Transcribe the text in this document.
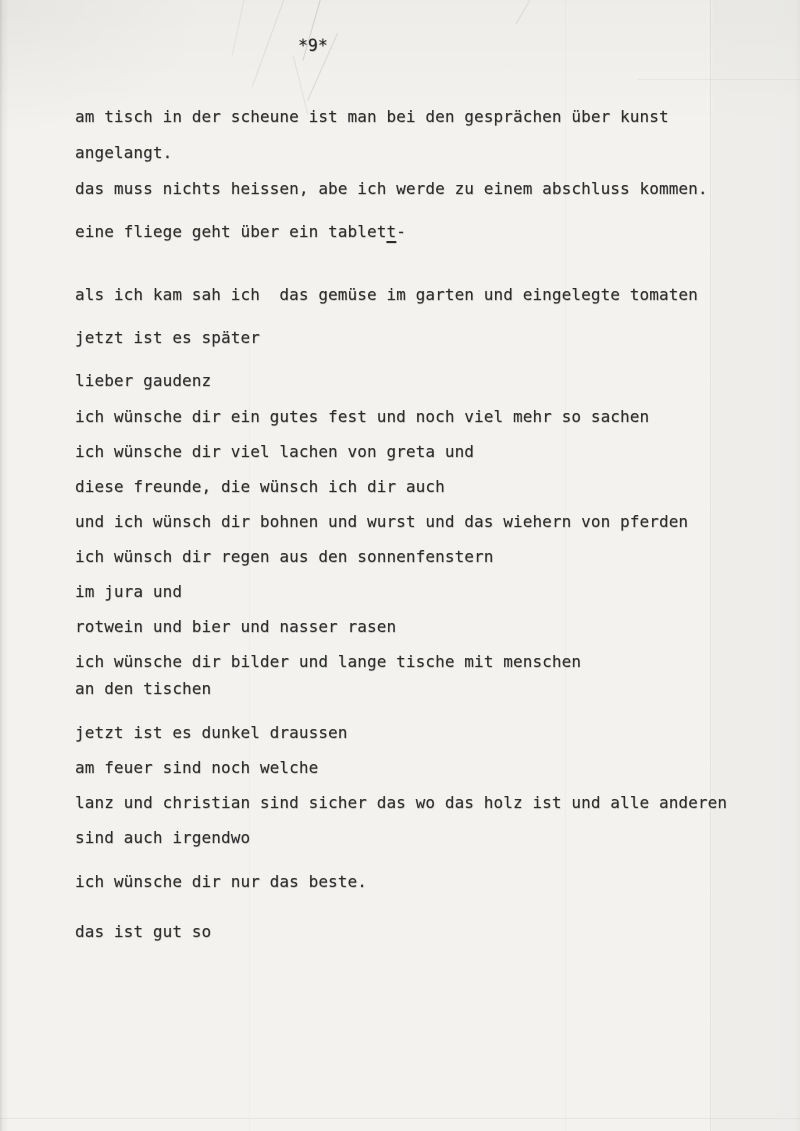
*9*
am tisch in der scheune ist man bei den gesprächen über kunst
angelangt.
das muss nichts heissen, abe ich werde zu einem abschluss kommen.
eine fliege geht über ein tablett-
als ich kam sah ich  das gemüse im garten und eingelegte tomaten
jetzt ist es später
lieber gaudenz
ich wünsche dir ein gutes fest und noch viel mehr so sachen
ich wünsche dir viel lachen von greta und
diese freunde, die wünsch ich dir auch
und ich wünsch dir bohnen und wurst und das wiehern von pferden
ich wünsch dir regen aus den sonnenfenstern
im jura und
rotwein und bier und nasser rasen
ich wünsche dir bilder und lange tische mit menschen
an den tischen
jetzt ist es dunkel draussen
am feuer sind noch welche
lanz und christian sind sicher das wo das holz ist und alle anderen
sind auch irgendwo
ich wünsche dir nur das beste.
das ist gut so
